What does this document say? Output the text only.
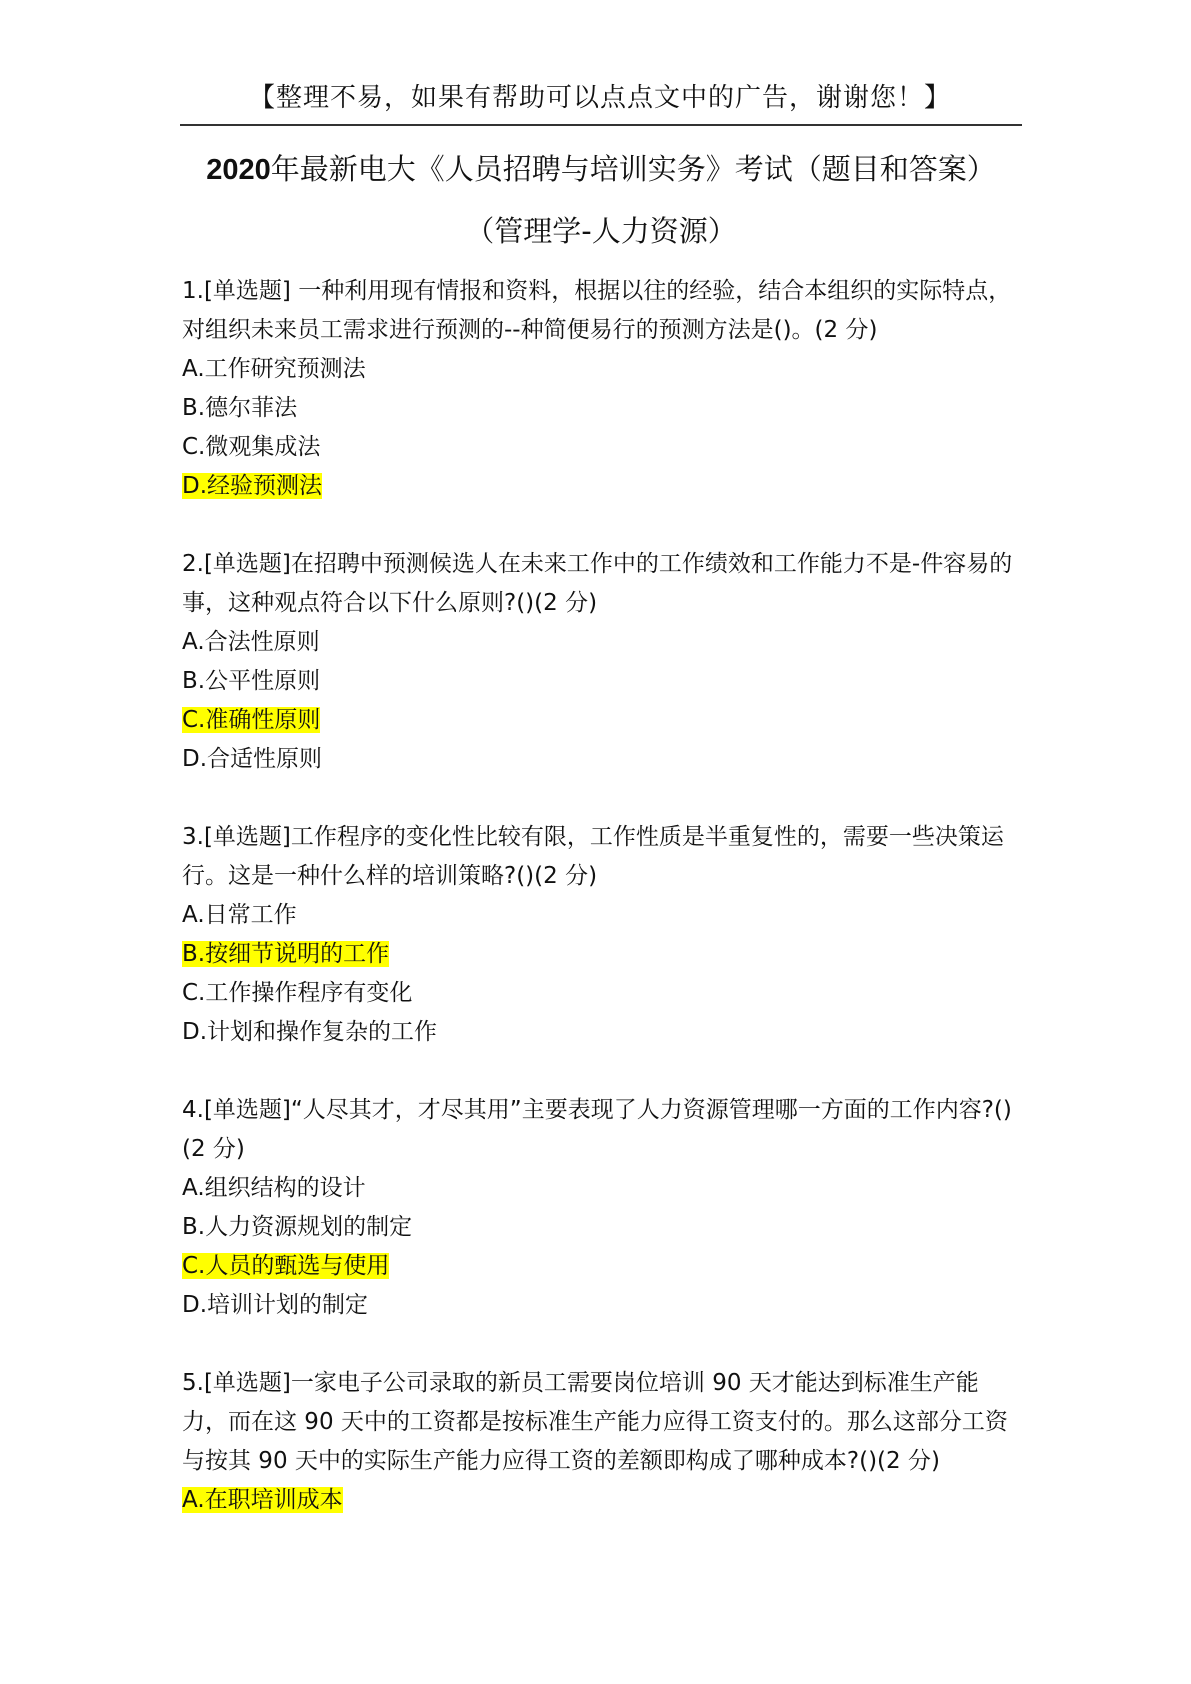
【整理不易，如果有帮助可以点点文中的广告，谢谢您！】
2020年最新电大《人员招聘与培训实务》考试（题目和答案）
（管理学-人力资源）

1.[单选题] 一种利用现有情报和资料，根据以往的经验，结合本组织的实际特点，对组织未来员工需求进行预测的--种简便易行的预测方法是()。(2 分)

A.工作研究预测法
B.德尔菲法
C.微观集成法
D.经验预测法

2.[单选题]在招聘中预测候选人在未来工作中的工作绩效和工作能力不是-件容易的事，这种观点符合以下什么原则?()(2 分)

A.合法性原则
B.公平性原则
C.准确性原则
D.合适性原则

3.[单选题]工作程序的变化性比较有限，工作性质是半重复性的，需要一些决策运行。这是一种什么样的培训策略?()(2 分)

A.日常工作
B.按细节说明的工作
C.工作操作程序有变化
D.计划和操作复杂的工作

4.[单选题]“人尽其才，才尽其用”主要表现了人力资源管理哪一方面的工作内容?()(2 分)

A.组织结构的设计
B.人力资源规划的制定
C.人员的甄选与使用
D.培训计划的制定

5.[单选题]一家电子公司录取的新员工需要岗位培训 90 天才能达到标准生产能力，而在这 90 天中的工资都是按标准生产能力应得工资支付的。那么这部分工资与按其 90 天中的实际生产能力应得工资的差额即构成了哪种成本?()(2 分)

A.在职培训成本
